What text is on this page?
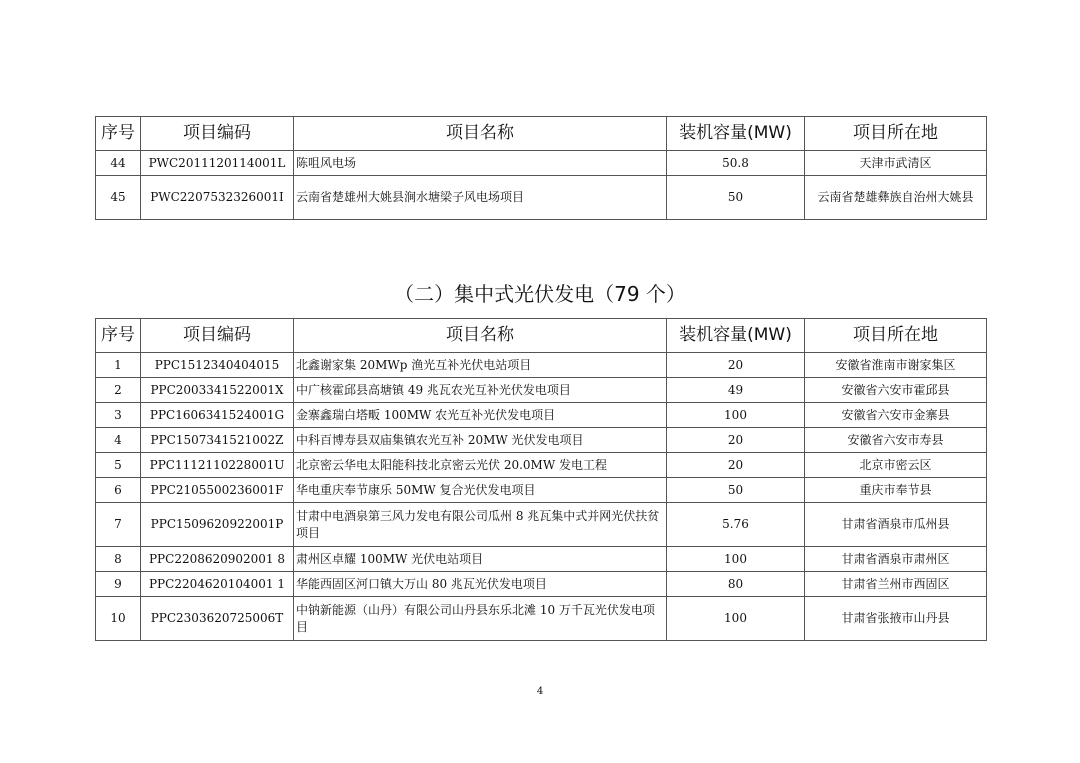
序号	项目编码	项目名称	装机容量(MW)	项目所在地
44	PWC2011120114001L	陈咀风电场	50.8	天津市武清区
45	PWC2207532326001I	云南省楚雄州大姚县涧水塘梁子风电场项目	50	云南省楚雄彝族自治州大姚县
（二）集中式光伏发电（79 个）
序号	项目编码	项目名称	装机容量(MW)	项目所在地
1	PPC1512340404015	北鑫谢家集 20MWp 渔光互补光伏电站项目	20	安徽省淮南市谢家集区
2	PPC2003341522001X	中广核霍邱县高塘镇 49 兆瓦农光互补光伏发电项目	49	安徽省六安市霍邱县
3	PPC1606341524001G	金寨鑫瑞白塔畈 100MW 农光互补光伏发电项目	100	安徽省六安市金寨县
4	PPC1507341521002Z	中科百博寿县双庙集镇农光互补 20MW 光伏发电项目	20	安徽省六安市寿县
5	PPC1112110228001U	北京密云华电太阳能科技北京密云光伏 20.0MW 发电工程	20	北京市密云区
6	PPC2105500236001F	华电重庆奉节康乐 50MW 复合光伏发电项目	50	重庆市奉节县
7	PPC1509620922001P	甘肃中电酒泉第三风力发电有限公司瓜州 8 兆瓦集中式并网光伏扶贫项目	5.76	甘肃省酒泉市瓜州县
8	PPC2208620902001 8	肃州区卓耀 100MW 光伏电站项目	100	甘肃省酒泉市肃州区
9	PPC2204620104001 1	华能西固区河口镇大万山 80 兆瓦光伏发电项目	80	甘肃省兰州市西固区
10	PPC2303620725006T	中钠新能源（山丹）有限公司山丹县东乐北滩 10 万千瓦光伏发电项目	100	甘肃省张掖市山丹县
4
